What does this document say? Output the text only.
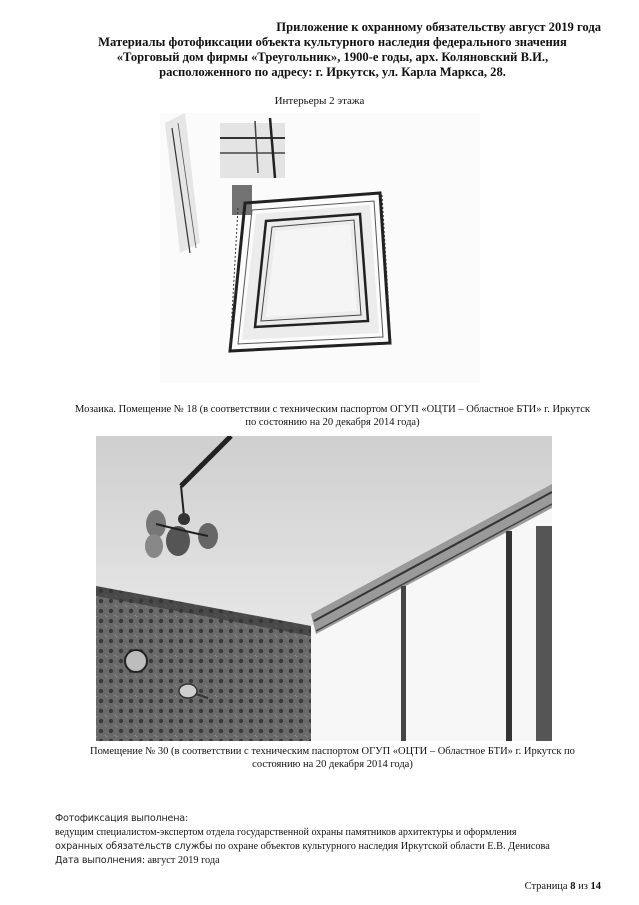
Приложение к охранному обязательству август 2019 года
Материалы фотофиксации объекта культурного наследия федерального значения
«Торговый дом фирмы «Треугольник», 1900-е годы, арх. Коляновский В.И.,
расположенного по адресу: г. Иркутск, ул. Карла Маркса, 28.
Интерьеры 2 этажа
Мозаика. Помещение № 18 (в соответствии с техническим паспортом ОГУП «ОЦТИ – Областное БТИ» г. Иркутск
по состоянию на 20 декабря 2014 года)
Помещение № 30 (в соответствии с техническим паспортом ОГУП «ОЦТИ – Областное БТИ» г. Иркутск по
состоянию на 20 декабря 2014 года)
Фотофиксация выполнена:
ведущим специалистом-экспертом отдела государственной охраны памятников архитектуры и оформления
охранных обязательств службы по охране объектов культурного наследия Иркутской области Е.В. Денисова
Дата выполнения: август 2019 года
Страница 8 из 14
